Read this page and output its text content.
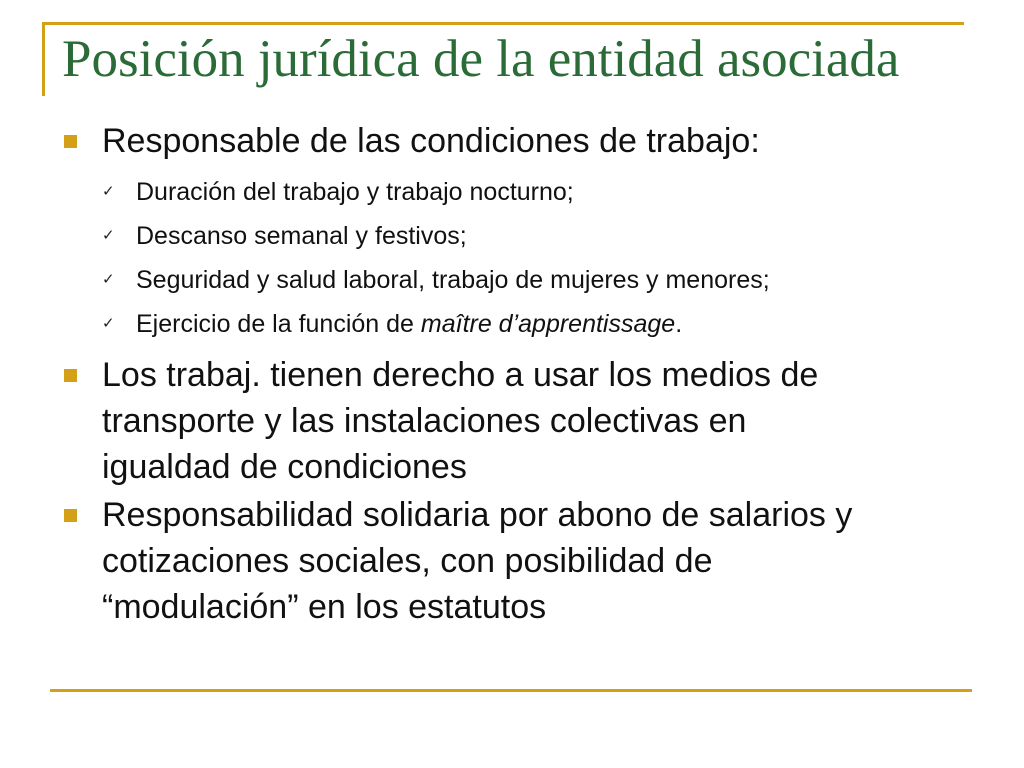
Posición jurídica de la entidad asociada
Responsable de las condiciones de trabajo:
✓ Duración del trabajo y trabajo nocturno;
✓ Descanso semanal y festivos;
✓ Seguridad y salud laboral, trabajo de mujeres y menores;
✓ Ejercicio de la función de maître d’apprentissage.
Los trabaj. tienen derecho a usar los medios de
transporte y las instalaciones colectivas en
igualdad de condiciones
Responsabilidad solidaria por abono de salarios y
cotizaciones sociales, con posibilidad de
“modulación” en los estatutos
